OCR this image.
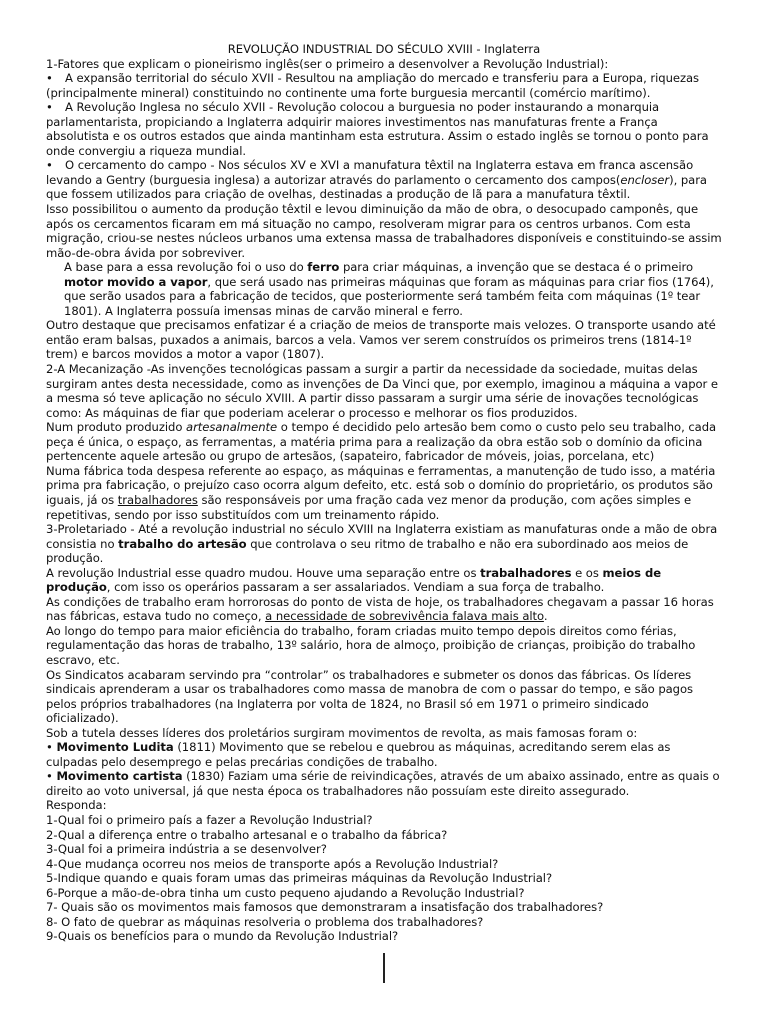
REVOLUÇÃO INDUSTRIAL DO SÉCULO XVIII - Inglaterra

1-Fatores que explicam o pioneirismo inglês(ser o primeiro a desenvolver a Revolução Industrial):

• A expansão territorial do século XVII - Resultou na ampliação do mercado e transferiu para a Europa, riquezas (principalmente mineral) constituindo no continente uma forte burguesia mercantil (comércio marítimo).

• A Revolução Inglesa no século XVII - Revolução colocou a burguesia no poder instaurando a monarquia parlamentarista, propiciando a Inglaterra adquirir maiores investimentos nas manufaturas frente a França absolutista e os outros estados que ainda mantinham esta estrutura. Assim o estado inglês se tornou o ponto para onde convergiu a riqueza mundial.

• O cercamento do campo - Nos séculos XV e XVI a manufatura têxtil na Inglaterra estava em franca ascensão levando a Gentry (burguesia inglesa) a autorizar através do parlamento o cercamento dos campos(encloser), para que fossem utilizados para criação de ovelhas, destinadas a produção de lã para a manufatura têxtil.

Isso possibilitou o aumento da produção têxtil e levou diminuição da mão de obra, o desocupado camponês, que após os cercamentos ficaram em má situação no campo, resolveram migrar para os centros urbanos. Com esta migração, criou-se nestes núcleos urbanos uma extensa massa de trabalhadores disponíveis e constituindo-se assim mão-de-obra ávida por sobreviver.

A base para a essa revolução foi o uso do ferro para criar máquinas, a invenção que se destaca é o primeiro motor movido a vapor, que será usado nas primeiras máquinas que foram as máquinas para criar fios (1764), que serão usados para a fabricação de tecidos, que posteriormente será também feita com máquinas (1º tear 1801). A Inglaterra possuía imensas minas de carvão mineral e ferro.

Outro destaque que precisamos enfatizar é a criação de meios de transporte mais velozes. O transporte usando até então eram balsas, puxados a animais, barcos a vela. Vamos ver serem construídos os primeiros trens (1814-1º trem) e barcos movidos a motor a vapor (1807).

2-A Mecanização -As invenções tecnológicas passam a surgir a partir da necessidade da sociedade, muitas delas surgiram antes desta necessidade, como as invenções de Da Vinci que, por exemplo, imaginou a máquina a vapor e a mesma só teve aplicação no século XVIII. A partir disso passaram a surgir uma série de inovações tecnológicas como: As máquinas de fiar que poderiam acelerar o processo e melhorar os fios produzidos.

Num produto produzido artesanalmente o tempo é decidido pelo artesão bem como o custo pelo seu trabalho, cada peça é única, o espaço, as ferramentas, a matéria prima para a realização da obra estão sob o domínio da oficina pertencente aquele artesão ou grupo de artesãos, (sapateiro, fabricador de móveis, joias, porcelana, etc)

Numa fábrica toda despesa referente ao espaço, as máquinas e ferramentas, a manutenção de tudo isso, a matéria prima pra fabricação, o prejuízo caso ocorra algum defeito, etc. está sob o domínio do proprietário, os produtos são iguais, já os trabalhadores são responsáveis por uma fração cada vez menor da produção, com ações simples e repetitivas, sendo por isso substituídos com um treinamento rápido.

3-Proletariado - Até a revolução industrial no século XVIII na Inglaterra existiam as manufaturas onde a mão de obra consistia no trabalho do artesão que controlava o seu ritmo de trabalho e não era subordinado aos meios de produção.

A revolução Industrial esse quadro mudou. Houve uma separação entre os trabalhadores e os meios de produção, com isso os operários passaram a ser assalariados. Vendiam a sua força de trabalho.

As condições de trabalho eram horrorosas do ponto de vista de hoje, os trabalhadores chegavam a passar 16 horas nas fábricas, estava tudo no começo, a necessidade de sobrevivência falava mais alto.

Ao longo do tempo para maior eficiência do trabalho, foram criadas muito tempo depois direitos como férias, regulamentação das horas de trabalho, 13º salário, hora de almoço, proibição de crianças, proibição do trabalho escravo, etc.

Os Sindicatos acabaram servindo pra “controlar” os trabalhadores e submeter os donos das fábricas. Os líderes sindicais aprenderam a usar os trabalhadores como massa de manobra de com o passar do tempo, e são pagos pelos próprios trabalhadores (na Inglaterra por volta de 1824, no Brasil só em 1971 o primeiro sindicado oficializado).

Sob a tutela desses líderes dos proletários surgiram movimentos de revolta, as mais famosas foram o:

• Movimento Ludita (1811) Movimento que se rebelou e quebrou as máquinas, acreditando serem elas as culpadas pelo desemprego e pelas precárias condições de trabalho.

• Movimento cartista (1830) Faziam uma série de reivindicações, através de um abaixo assinado, entre as quais o direito ao voto universal, já que nesta época os trabalhadores não possuíam este direito assegurado.

Responda:

1-Qual foi o primeiro país a fazer a Revolução Industrial?

2-Qual a diferença entre o trabalho artesanal e o trabalho da fábrica?

3-Qual foi a primeira indústria a se desenvolver?

4-Que mudança ocorreu nos meios de transporte após a Revolução Industrial?

5-Indique quando e quais foram umas das primeiras máquinas da Revolução Industrial?

6-Porque a mão-de-obra tinha um custo pequeno ajudando a Revolução Industrial?

7- Quais são os movimentos mais famosos que demonstraram a insatisfação dos trabalhadores?

8- O fato de quebrar as máquinas resolveria o problema dos trabalhadores?

9-Quais os benefícios para o mundo da Revolução Industrial?
